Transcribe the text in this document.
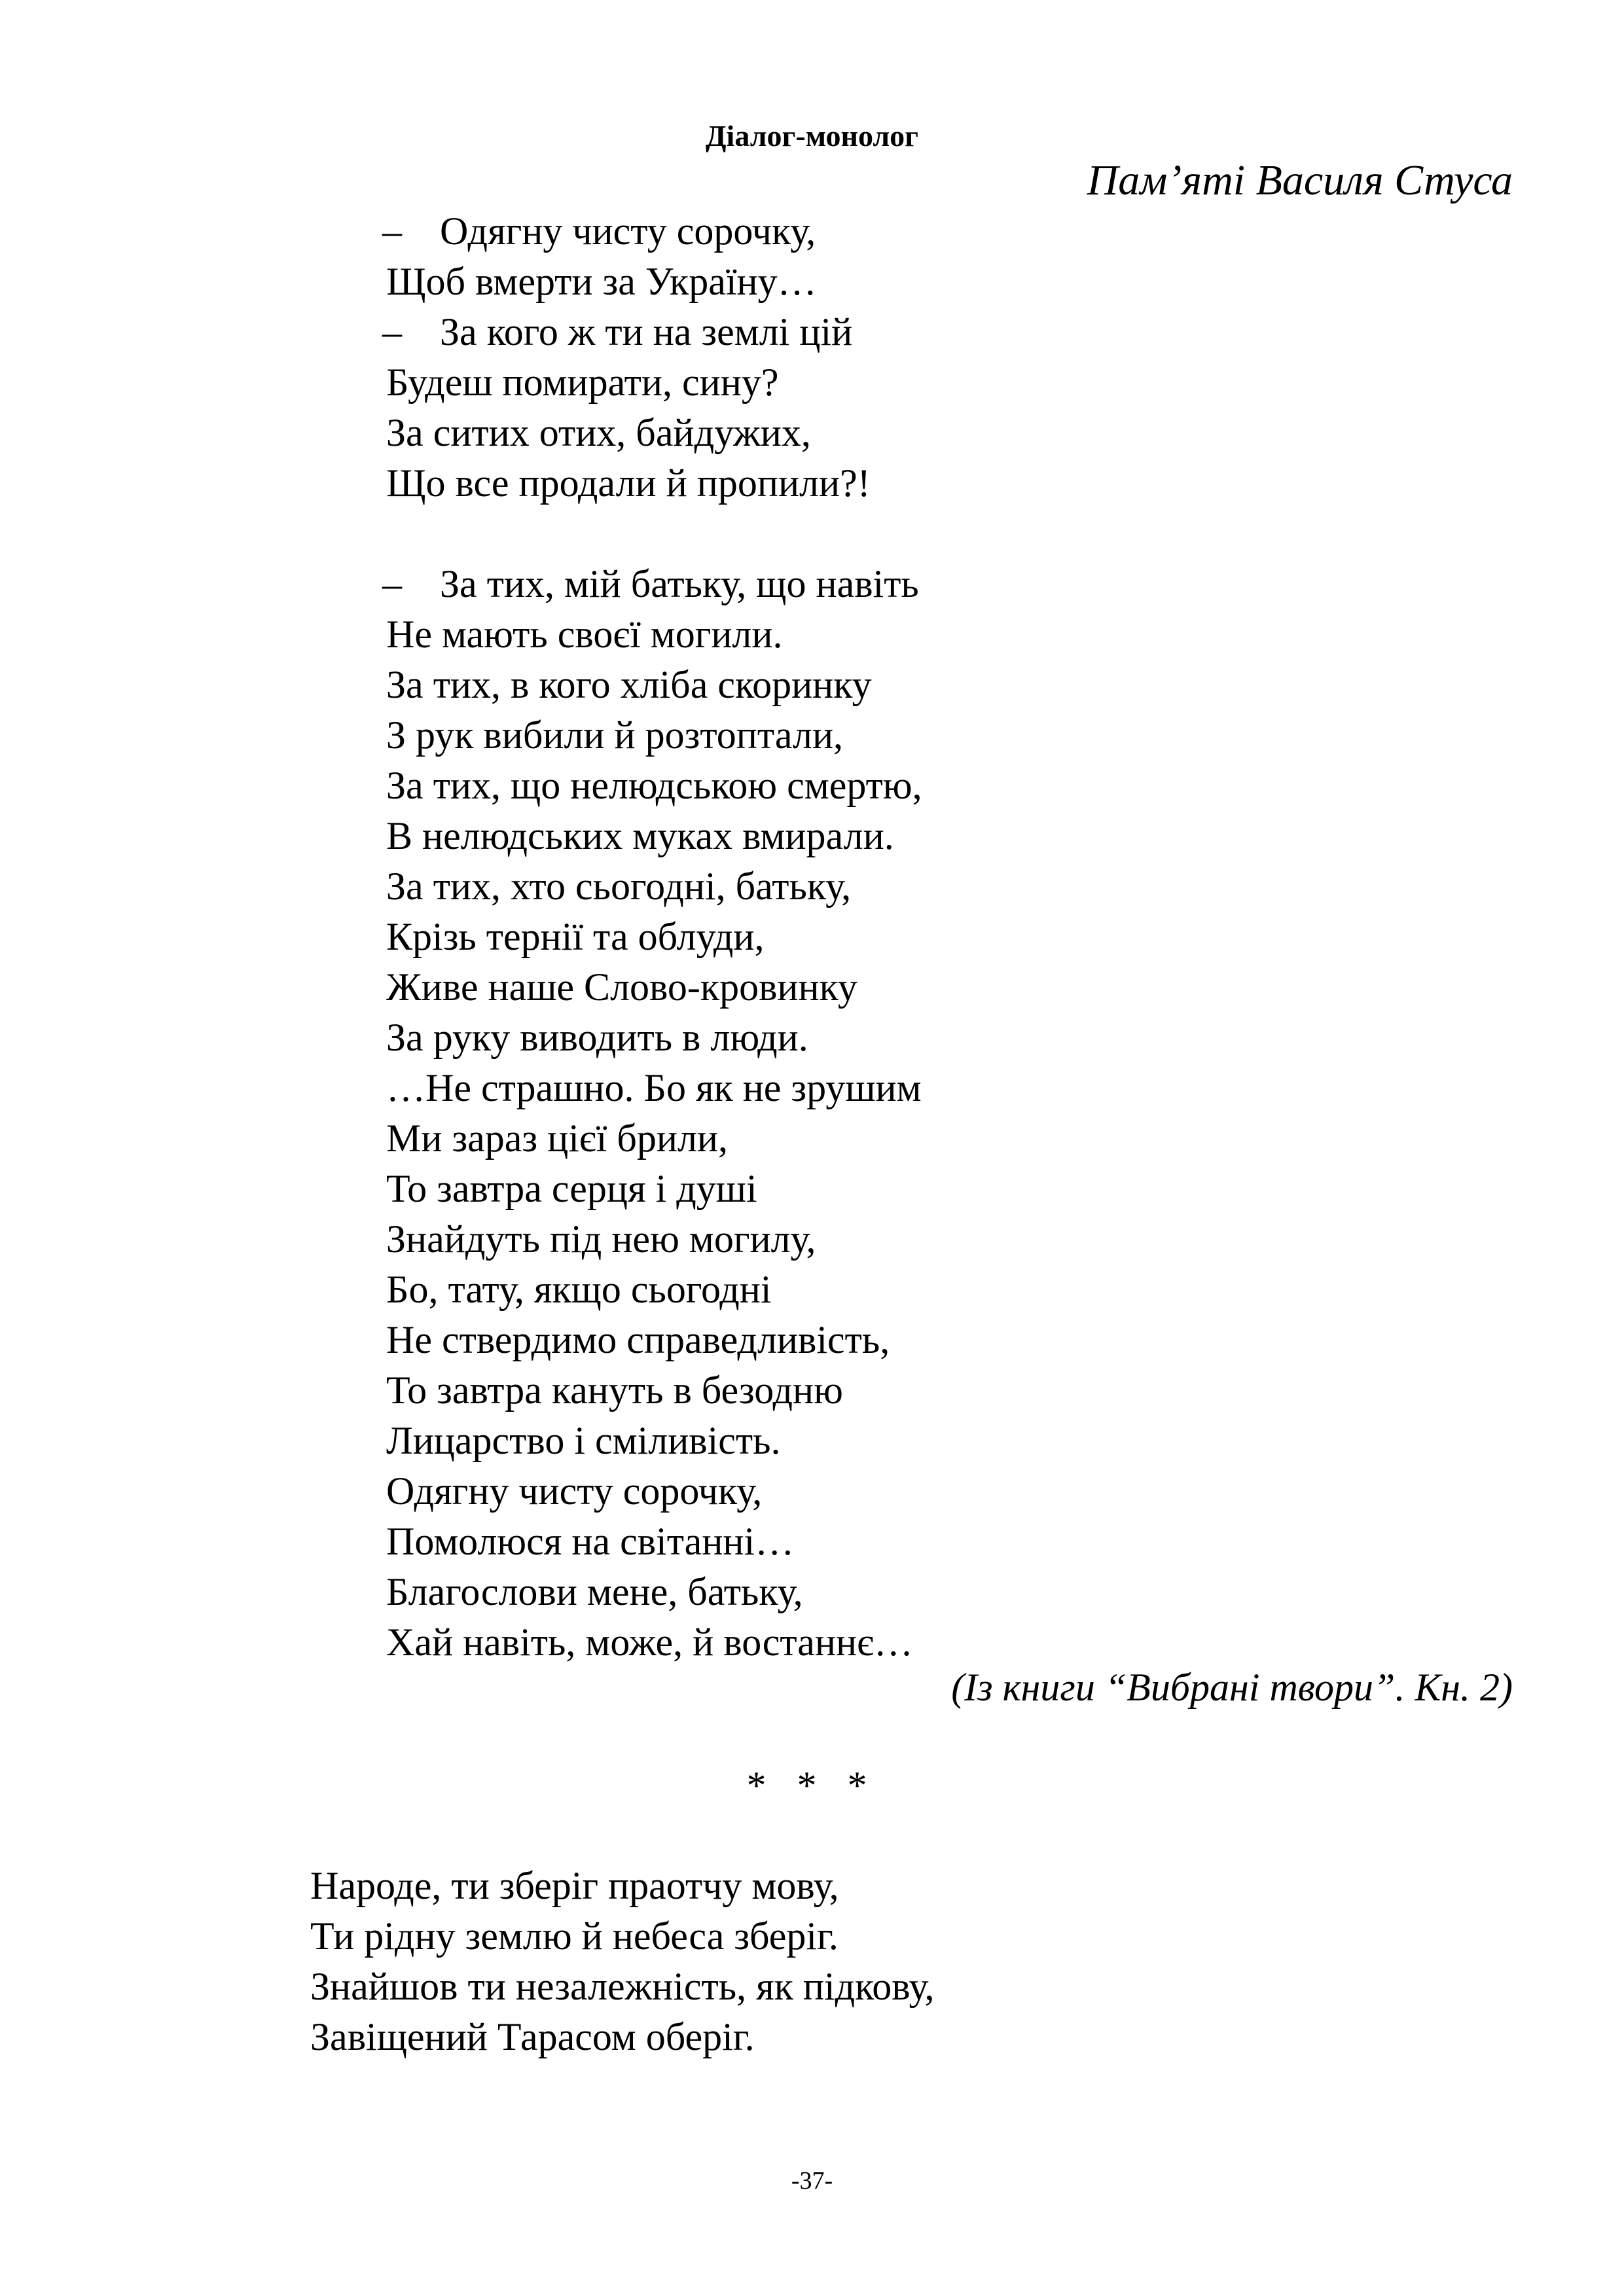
Діалог-монолог
Пам’яті Василя Стуса
– Одягну чисту сорочку,
Щоб вмерти за Україну…
– За кого ж ти на землі цій
Будеш помирати, сину?
За ситих отих, байдужих,
Що все продали й пропили?!
– За тих, мій батьку, що навіть
Не мають своєї могили.
За тих, в кого хліба скоринку
З рук вибили й розтоптали,
За тих, що нелюдською смертю,
В нелюдських муках вмирали.
За тих, хто сьогодні, батьку,
Крізь тернії та облуди,
Живе наше Слово-кровинку
За руку виводить в люди.
…Не страшно. Бо як не зрушим
Ми зараз цієї брили,
То завтра серця і душі
Знайдуть під нею могилу,
Бо, тату, якщо сьогодні
Не ствердимо справедливість,
То завтра кануть в безодню
Лицарство і сміливість.
Одягну чисту сорочку,
Помолюся на світанні…
Благослови мене, батьку,
Хай навіть, може, й востаннє…
(Із книги “Вибрані твори”. Кн. 2)
* * *
Народе, ти зберіг праотчу мову,
Ти рідну землю й небеса зберіг.
Знайшов ти незалежність, як підкову,
Завіщений Тарасом оберіг.
-37-
